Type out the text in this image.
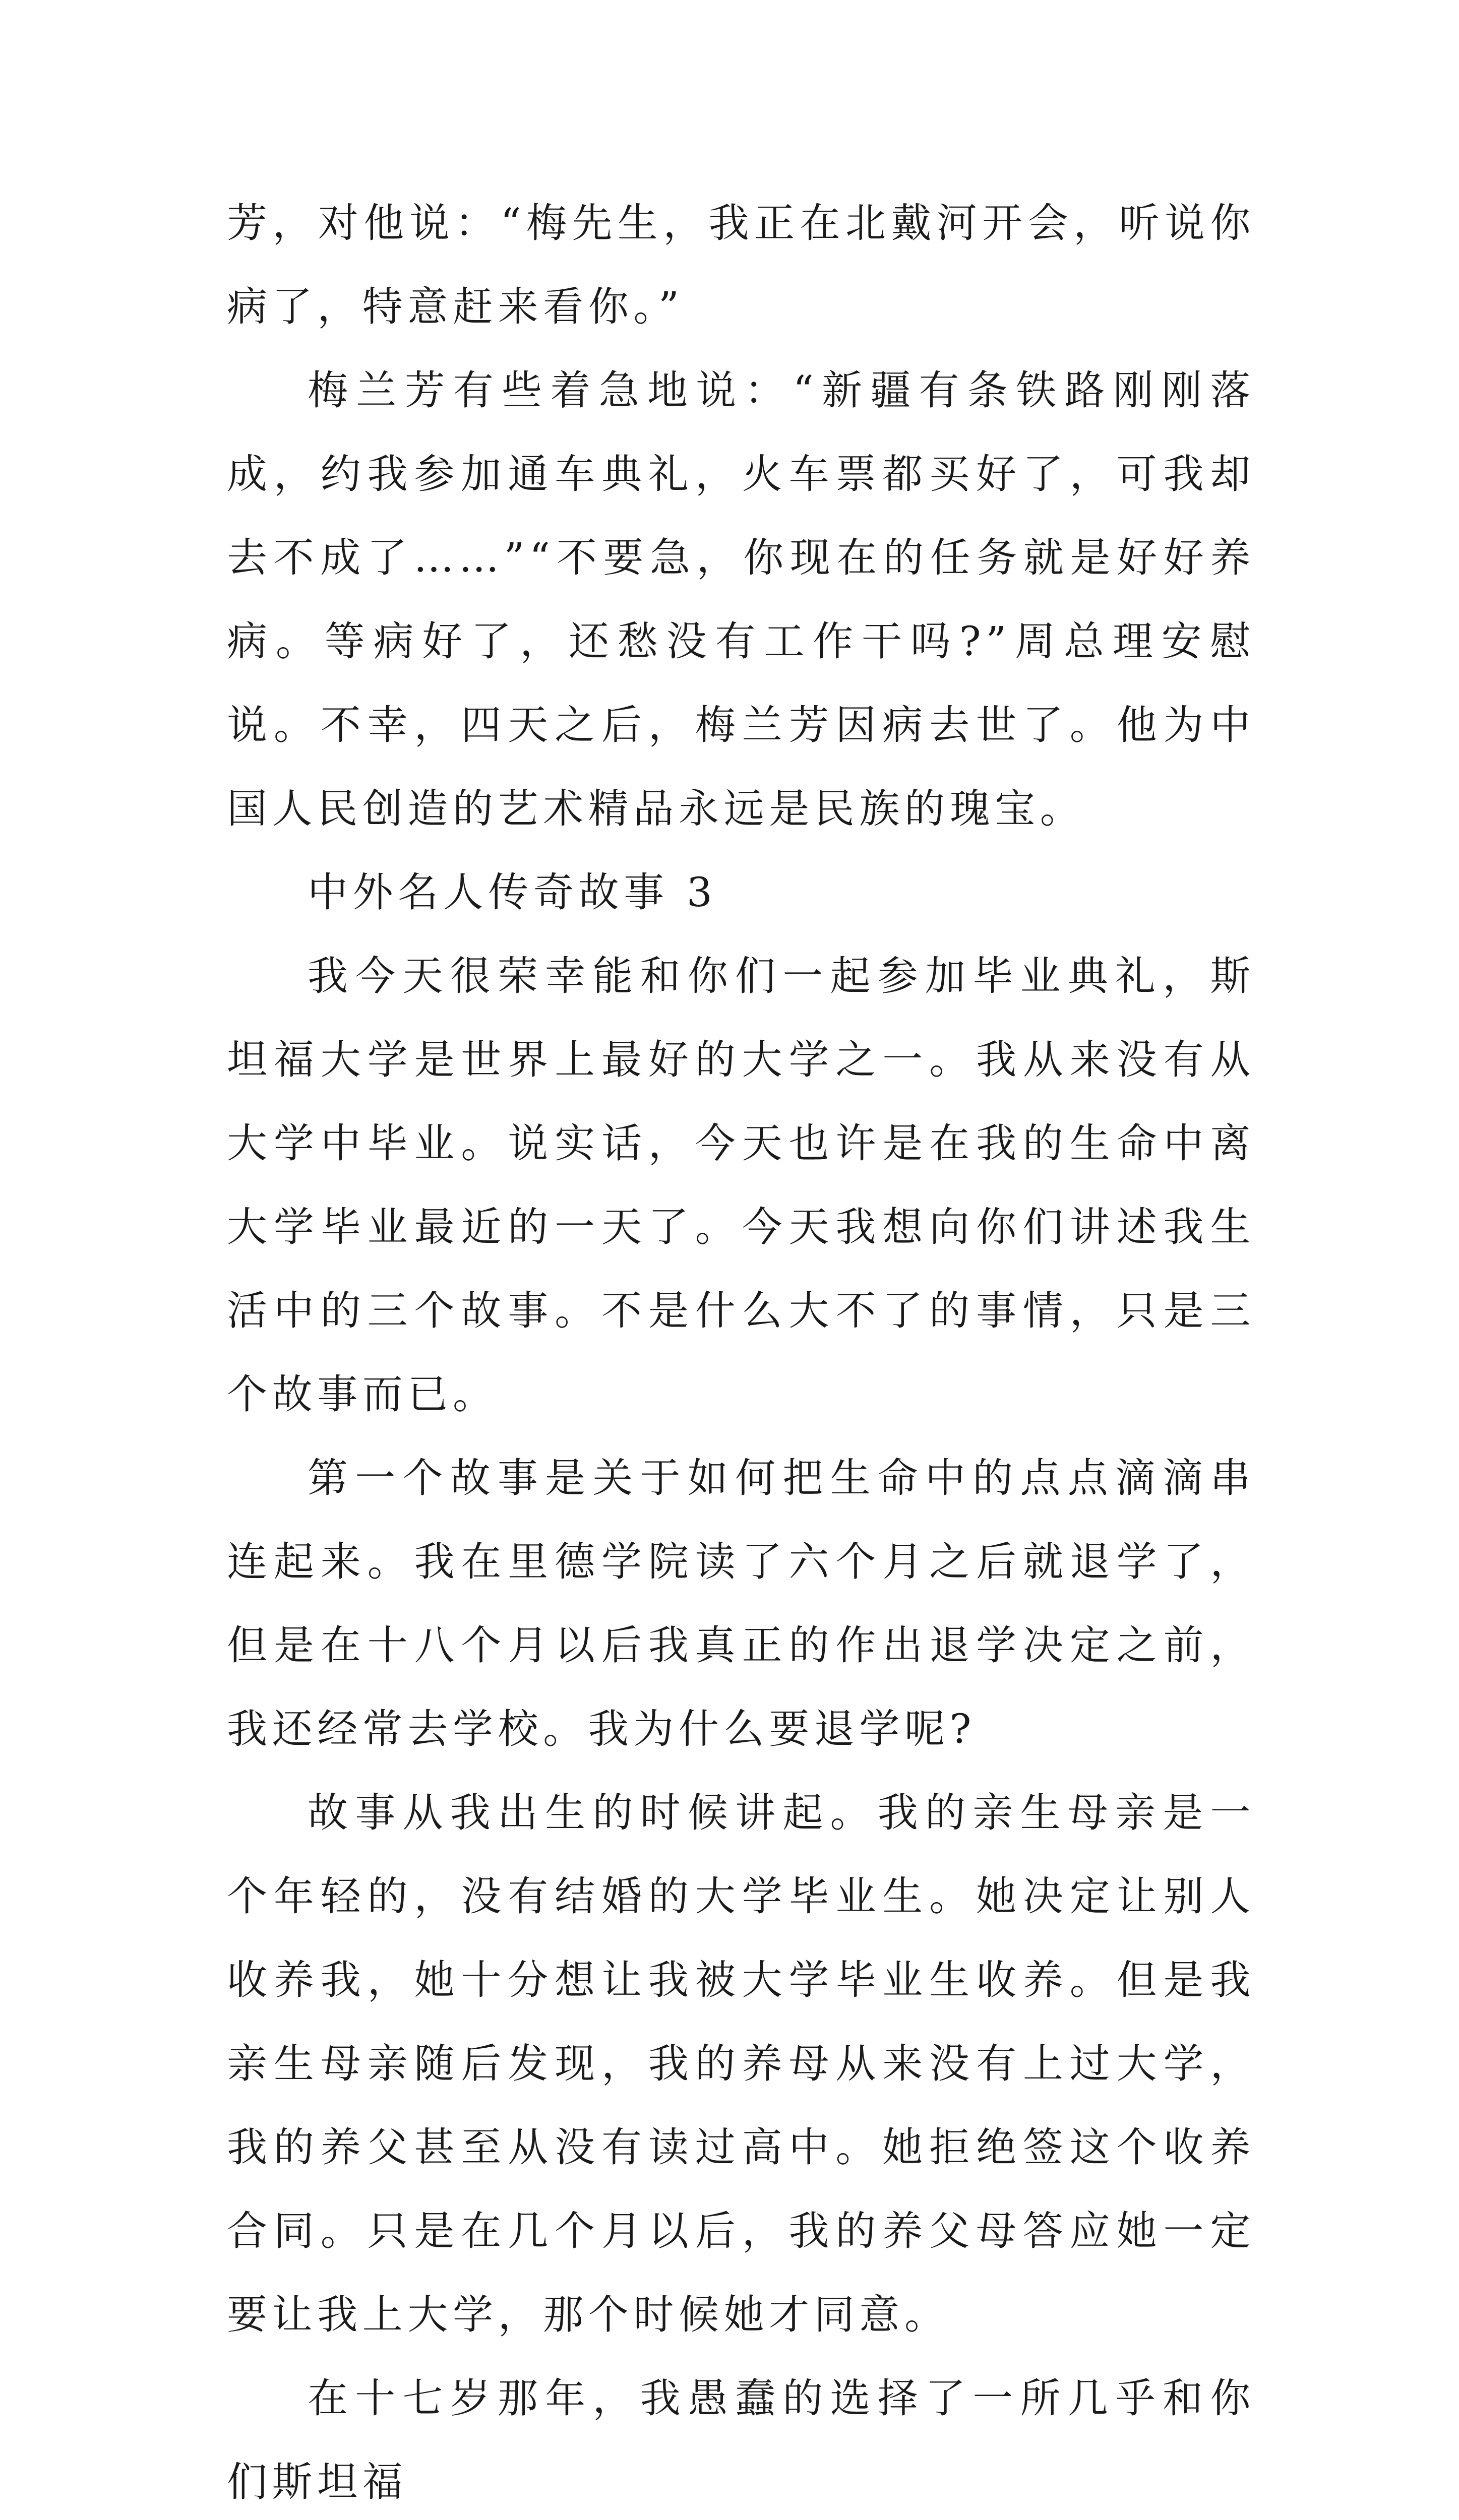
芳，对他说：“梅先生，我正在北戴河开会，听说你病了，特意赶来看你。”

梅兰芳有些着急地说：“新疆有条铁路刚刚落成，约我参加通车典礼，火车票都买好了，可我却去不成了……”“不要急，你现在的任务就是好好养病。等病好了，还愁没有工作干吗?”周总理安慰说。不幸，四天之后，梅兰芳因病去世了。他为中国人民创造的艺术精品永远是民族的瑰宝。

中外名人传奇故事 3

我今天很荣幸能和你们一起参加毕业典礼，斯坦福大学是世界上最好的大学之一。我从来没有从大学中毕业。说实话，今天也许是在我的生命中离大学毕业最近的一天了。今天我想向你们讲述我生活中的三个故事。不是什么大不了的事情，只是三个故事而已。

第一个故事是关于如何把生命中的点点滴滴串连起来。我在里德学院读了六个月之后就退学了，但是在十八个月以后我真正的作出退学决定之前，我还经常去学校。我为什么要退学呢?

故事从我出生的时候讲起。我的亲生母亲是一个年轻的，没有结婚的大学毕业生。她决定让别人收养我，她十分想让我被大学毕业生收养。但是我亲生母亲随后发现，我的养母从来没有上过大学，我的养父甚至从没有读过高中。她拒绝签这个收养合同。只是在几个月以后，我的养父母答应她一定要让我上大学，那个时候她才同意。

在十七岁那年，我愚蠢的选择了一所几乎和你们斯坦福
